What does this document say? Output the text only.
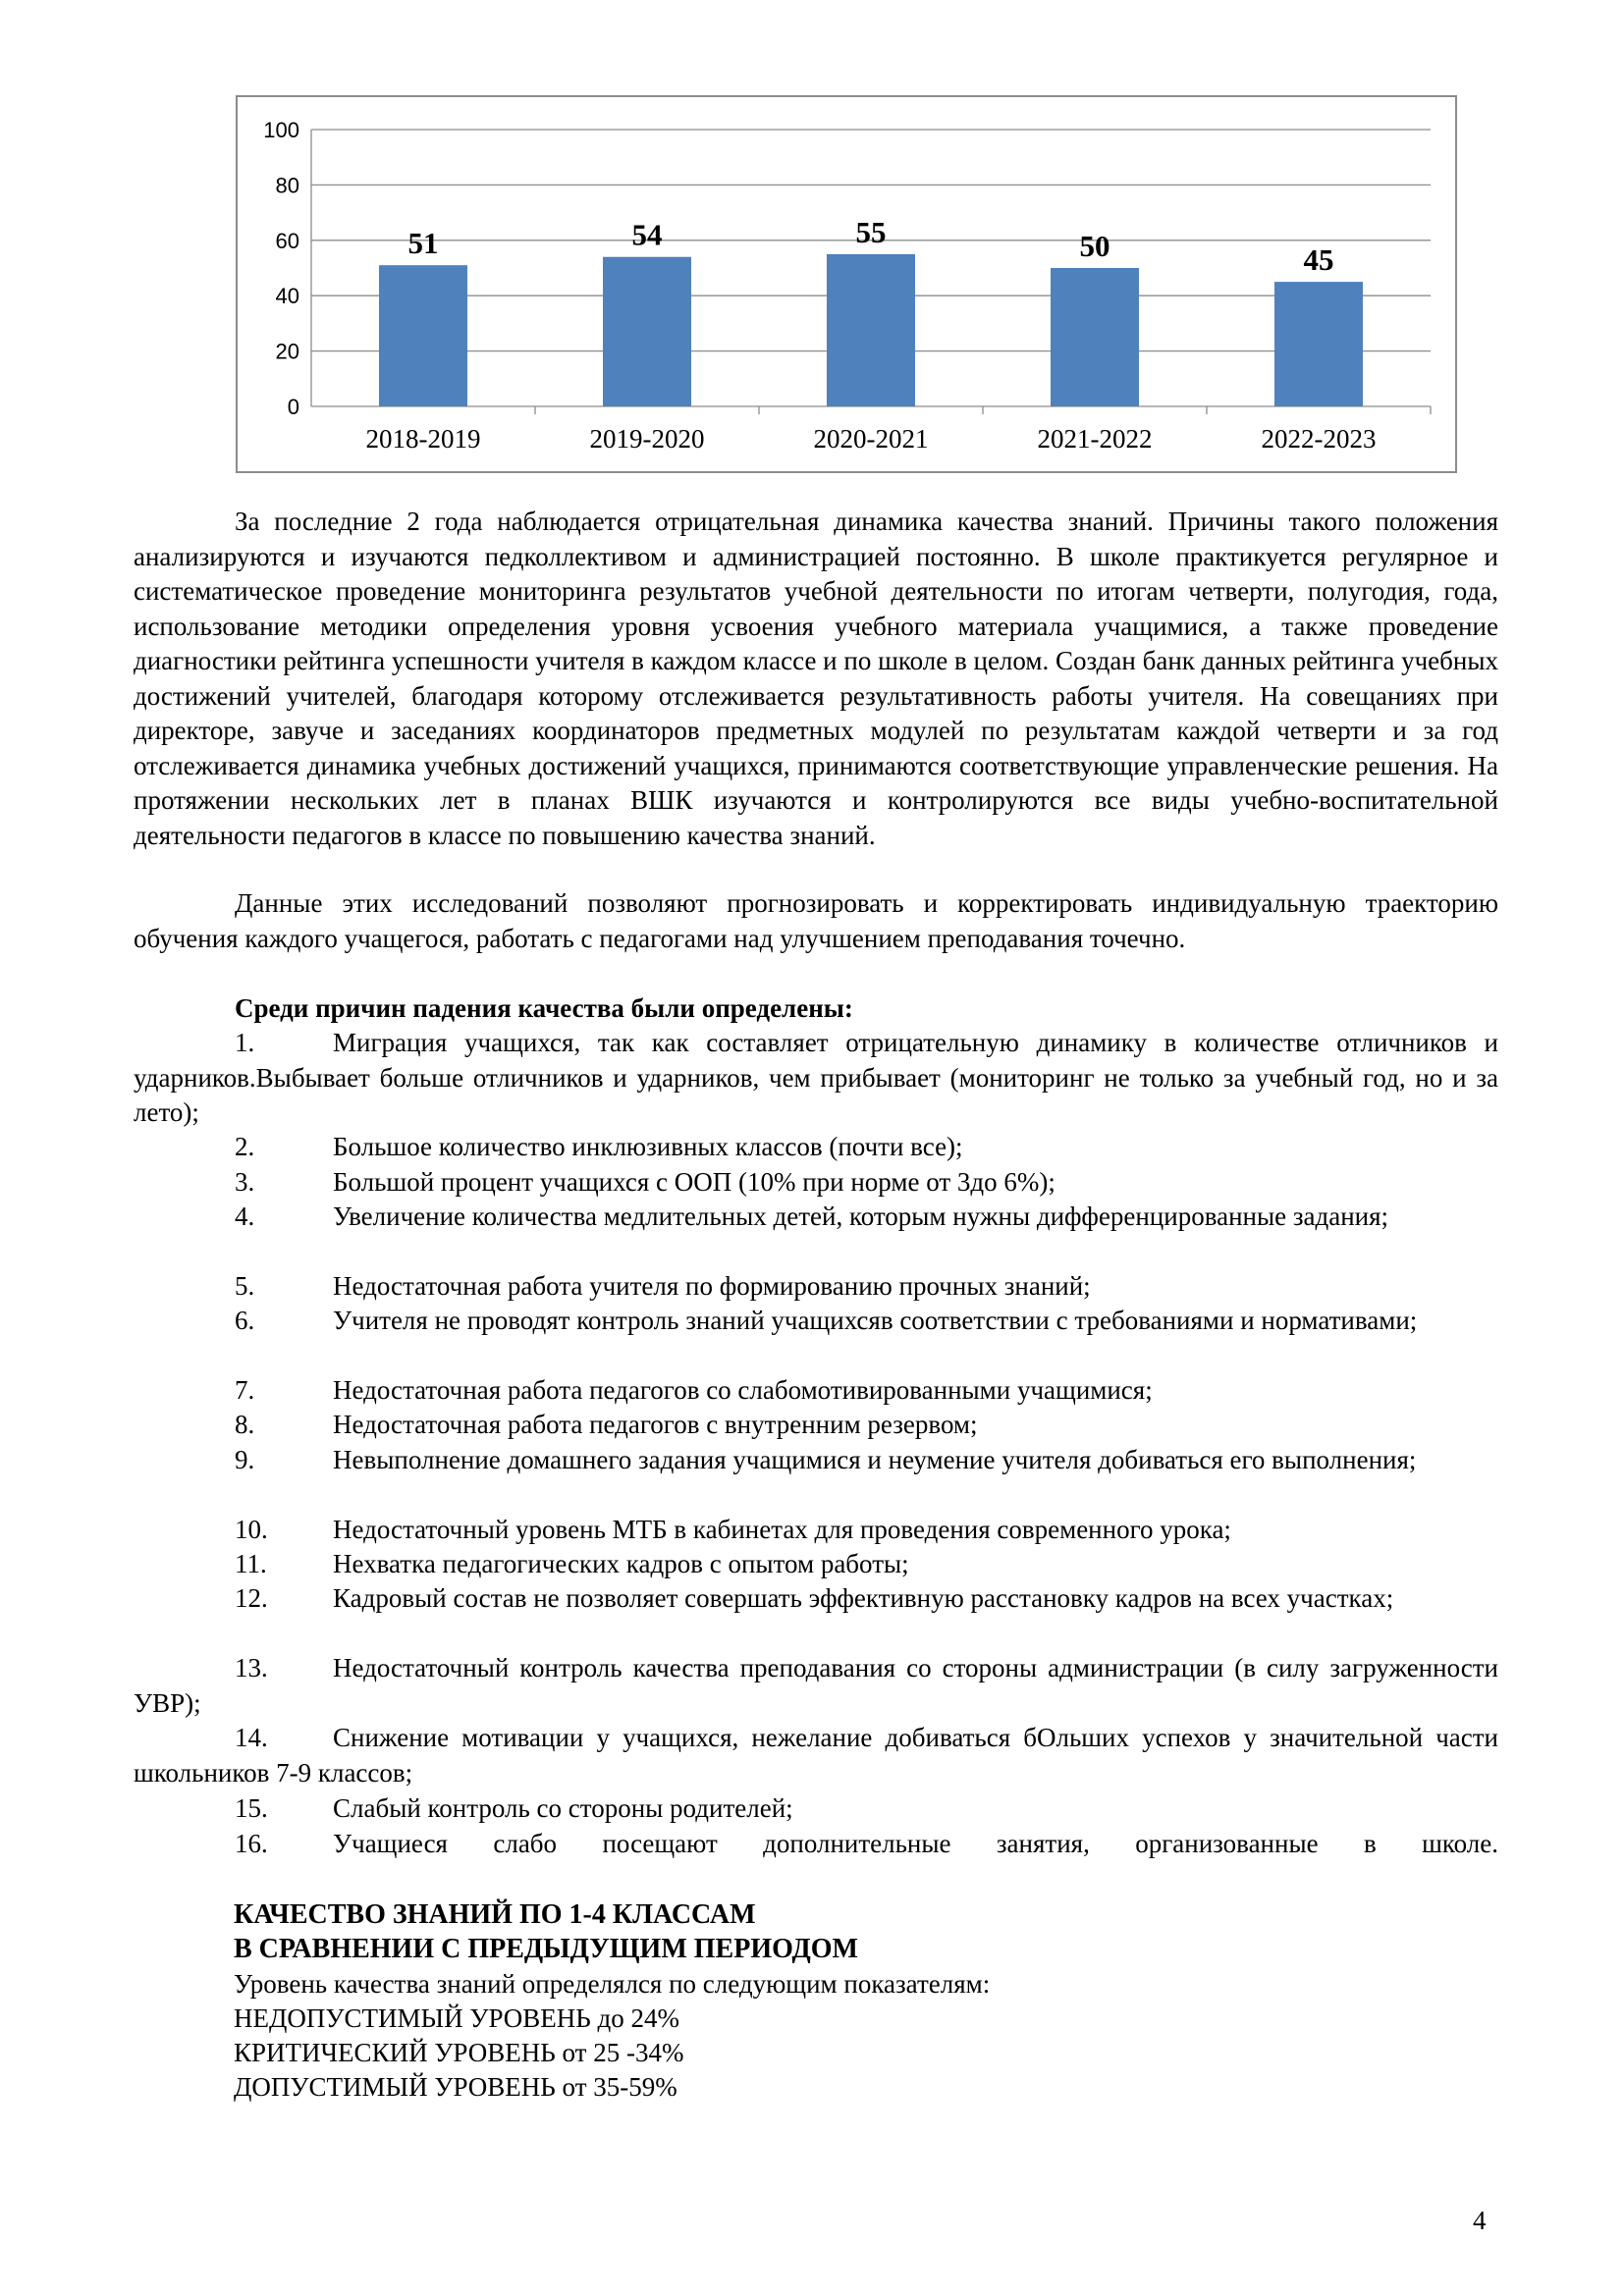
0
20
40
60
80
100
51
2018-2019
54
2019-2020
55
2020-2021
50
2021-2022
45
2022-2023

За последние 2 года наблюдается отрицательная динамика качества знаний. Причины такого положения анализируются и изучаются педколлективом и администрацией постоянно. В школе практикуется регулярное и систематическое проведение мониторинга результатов учебной деятельности по итогам четверти, полугодия, года, использование методики определения уровня усвоения учебного материала учащимися, а также проведение диагностики рейтинга успешности учителя в каждом классе и по школе в целом. Создан банк данных рейтинга учебных достижений учителей, благодаря которому отслеживается результативность работы учителя. На совещаниях при директоре, завуче и заседаниях координаторов предметных модулей по результатам каждой четверти и за год отслеживается динамика учебных достижений учащихся, принимаются соответствующие управленческие решения. На протяжении нескольких лет в планах ВШК изучаются и контролируются все виды учебно-воспитательной деятельности педагогов в классе по повышению качества знаний.

Данные этих исследований позволяют прогнозировать и корректировать индивидуальную траекторию обучения каждого учащегося, работать с педагогами над улучшением преподавания точечно.

Среди причин падения качества были определены:
1.	Миграция учащихся, так как составляет отрицательную динамику в количестве отличников и ударников.Выбывает больше отличников и ударников, чем прибывает (мониторинг не только за учебный год, но и за лето);

2.	Большое количество инклюзивных классов (почти все);

3.	Большой процент учащихся с ООП (10% при норме от 3до 6%);

4.	Увеличение количества медлительных детей, которым нужны дифференцированные задания;

5.	Недостаточная работа учителя по формированию прочных знаний;

6.	Учителя не проводят контроль знаний учащихсяв соответствии с требованиями и нормативами;

7.	Недостаточная работа педагогов со слабомотивированными учащимися;

8.	Недостаточная работа педагогов с внутренним резервом;

9.	Невыполнение домашнего задания учащимися и неумение учителя добиваться его выполнения;

10.	Недостаточный уровень МТБ в кабинетах для проведения современного урока;

11.	Нехватка педагогических кадров с опытом работы;

12.	Кадровый состав не позволяет совершать эффективную расстановку кадров на всех участках;

13.	Недостаточный контроль качества преподавания со стороны администрации (в силу загруженности УВР);

14.	Снижение мотивации у учащихся, нежелание добиваться бОльших успехов у значительной части школьников 7-9 классов;

15.	Слабый контроль со стороны родителей;

16.	Учащиеся слабо посещают дополнительные занятия, организованные в школе.

КАЧЕСТВО ЗНАНИЙ ПО 1-4 КЛАССАМ
В СРАВНЕНИИ С ПРЕДЫДУЩИМ ПЕРИОДОМ
Уровень качества знаний определялся по следующим показателям:
НЕДОПУСТИМЫЙ УРОВЕНЬ до 24%
КРИТИЧЕСКИЙ УРОВЕНЬ от 25 -34%
ДОПУСТИМЫЙ УРОВЕНЬ от 35-59%
4
